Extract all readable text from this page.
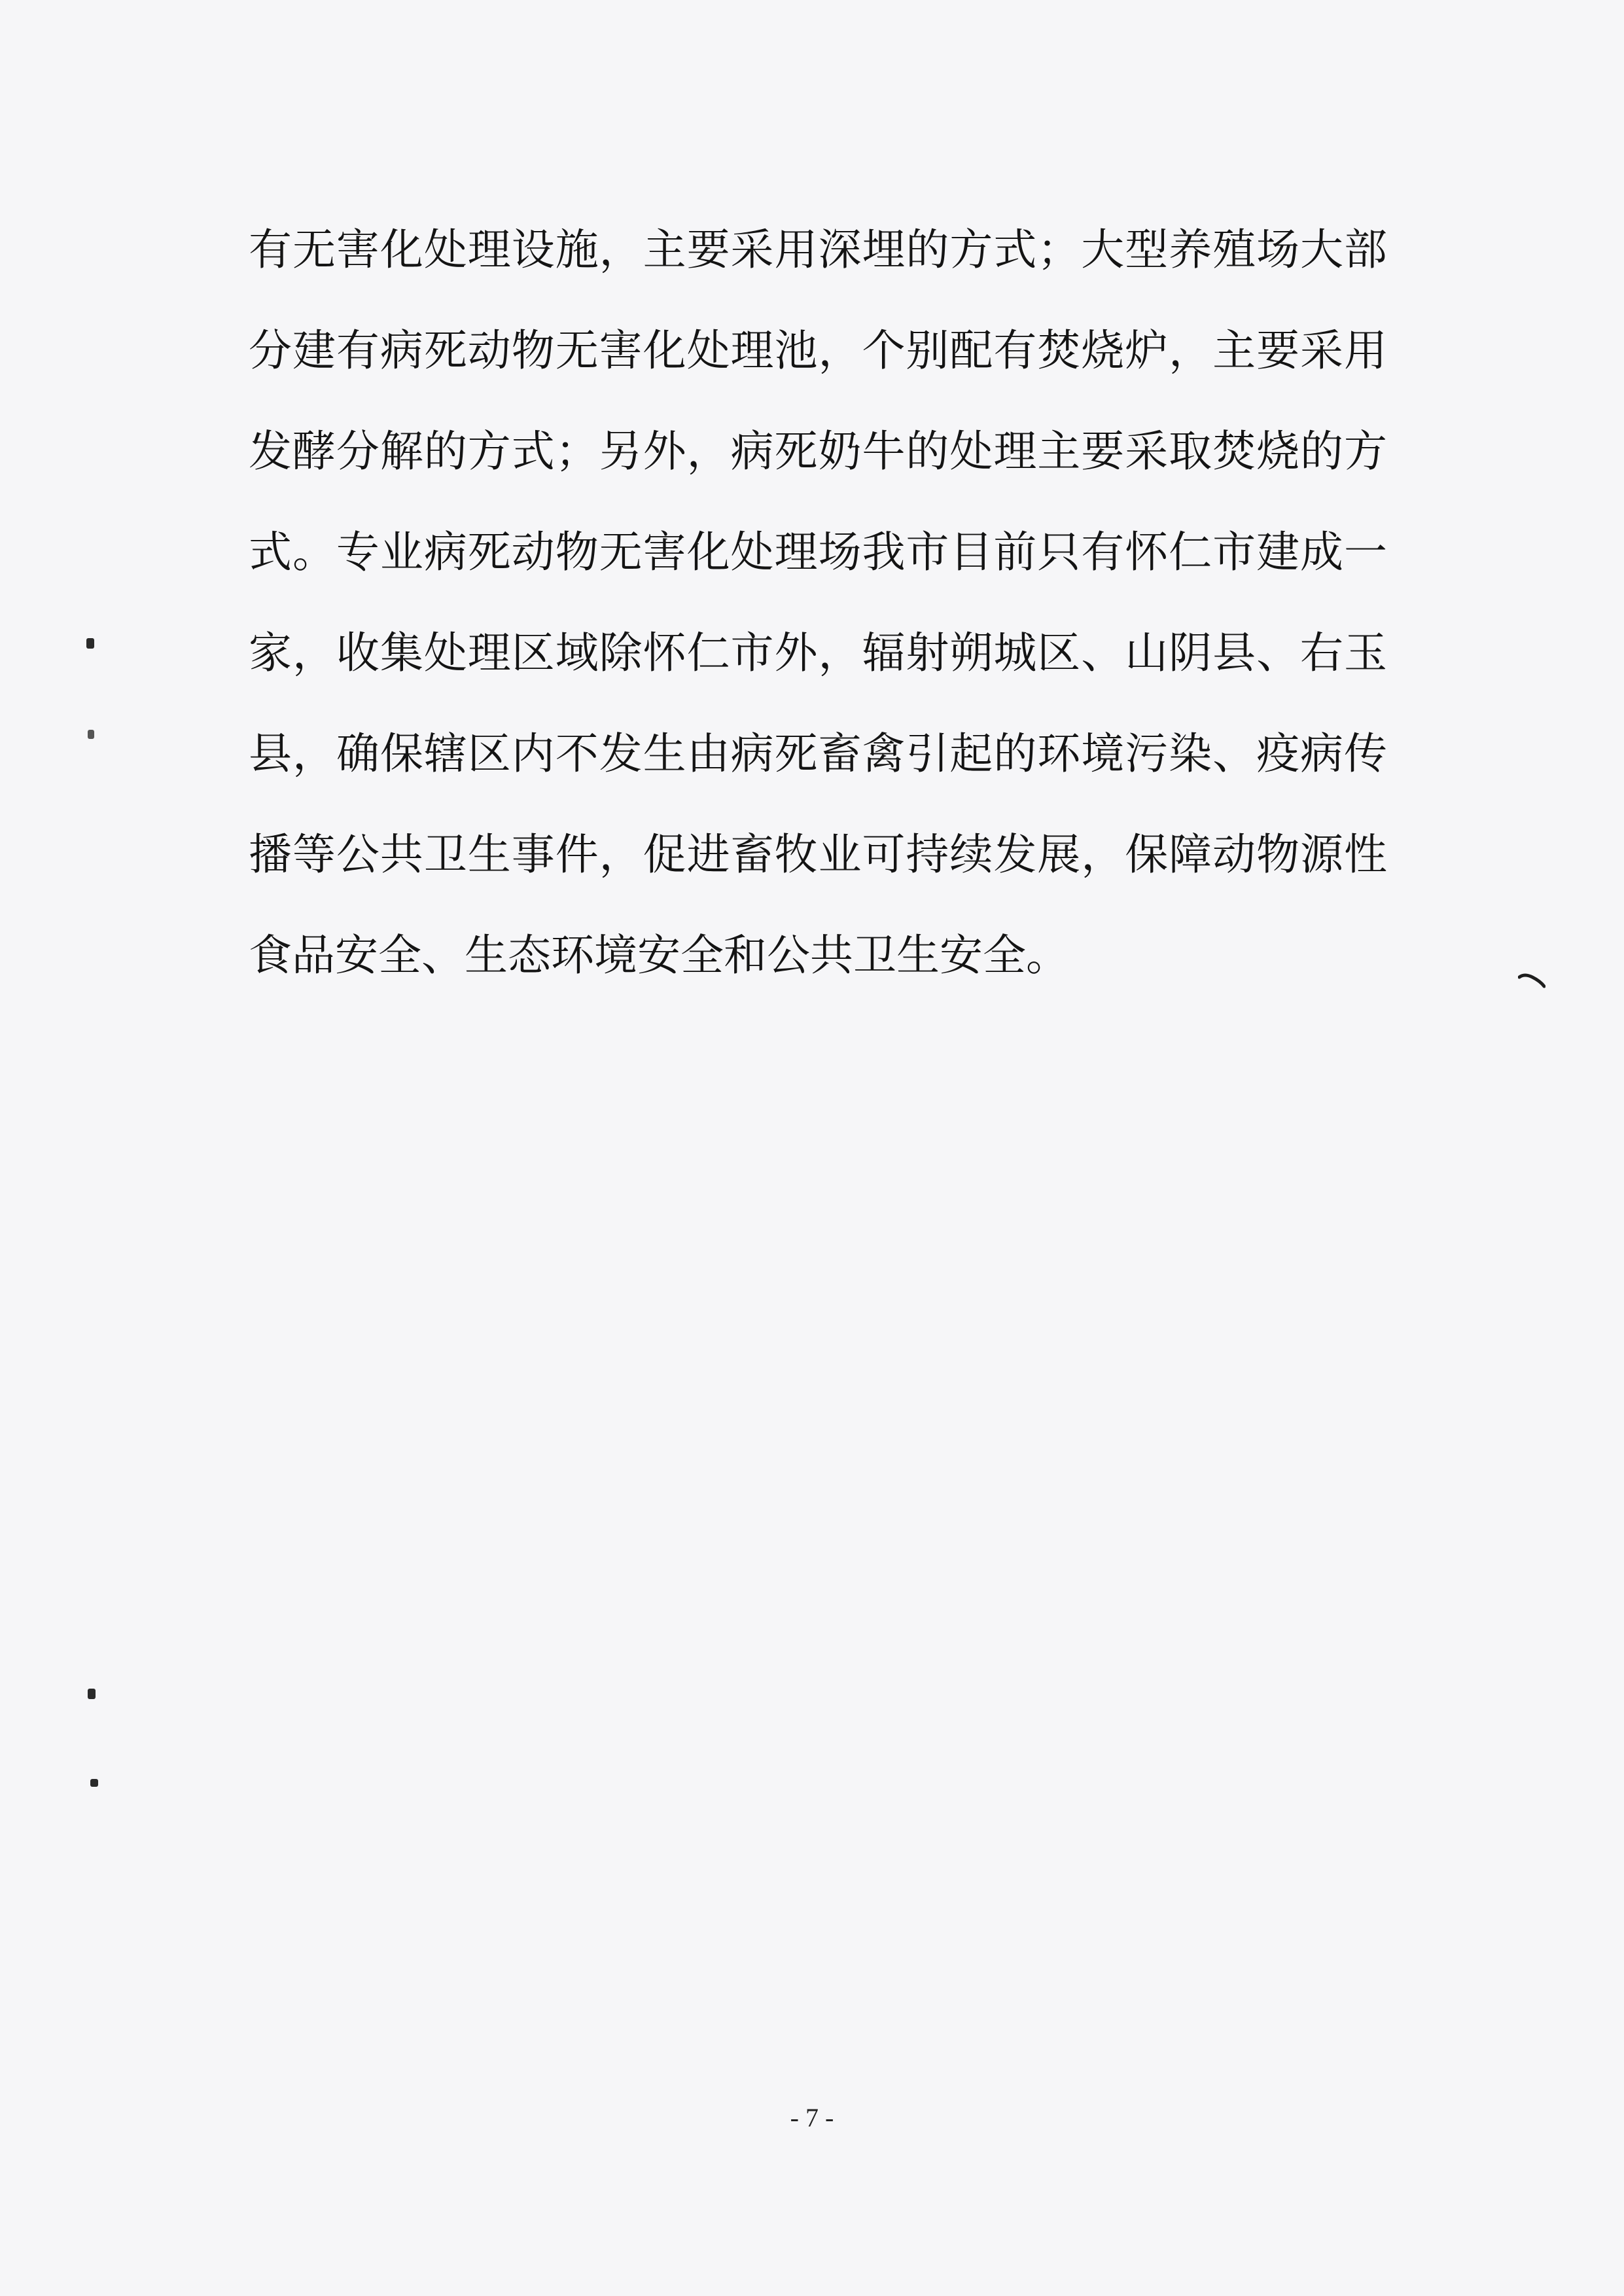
有无害化处理设施，主要采用深埋的方式；大型养殖场大部
分建有病死动物无害化处理池，个别配有焚烧炉，主要采用
发酵分解的方式；另外，病死奶牛的处理主要采取焚烧的方
式。专业病死动物无害化处理场我市目前只有怀仁市建成一
家，收集处理区域除怀仁市外，辐射朔城区、山阴县、右玉
县，确保辖区内不发生由病死畜禽引起的环境污染、疫病传
播等公共卫生事件，促进畜牧业可持续发展，保障动物源性
食品安全、生态环境安全和公共卫生安全。
- 7 -
